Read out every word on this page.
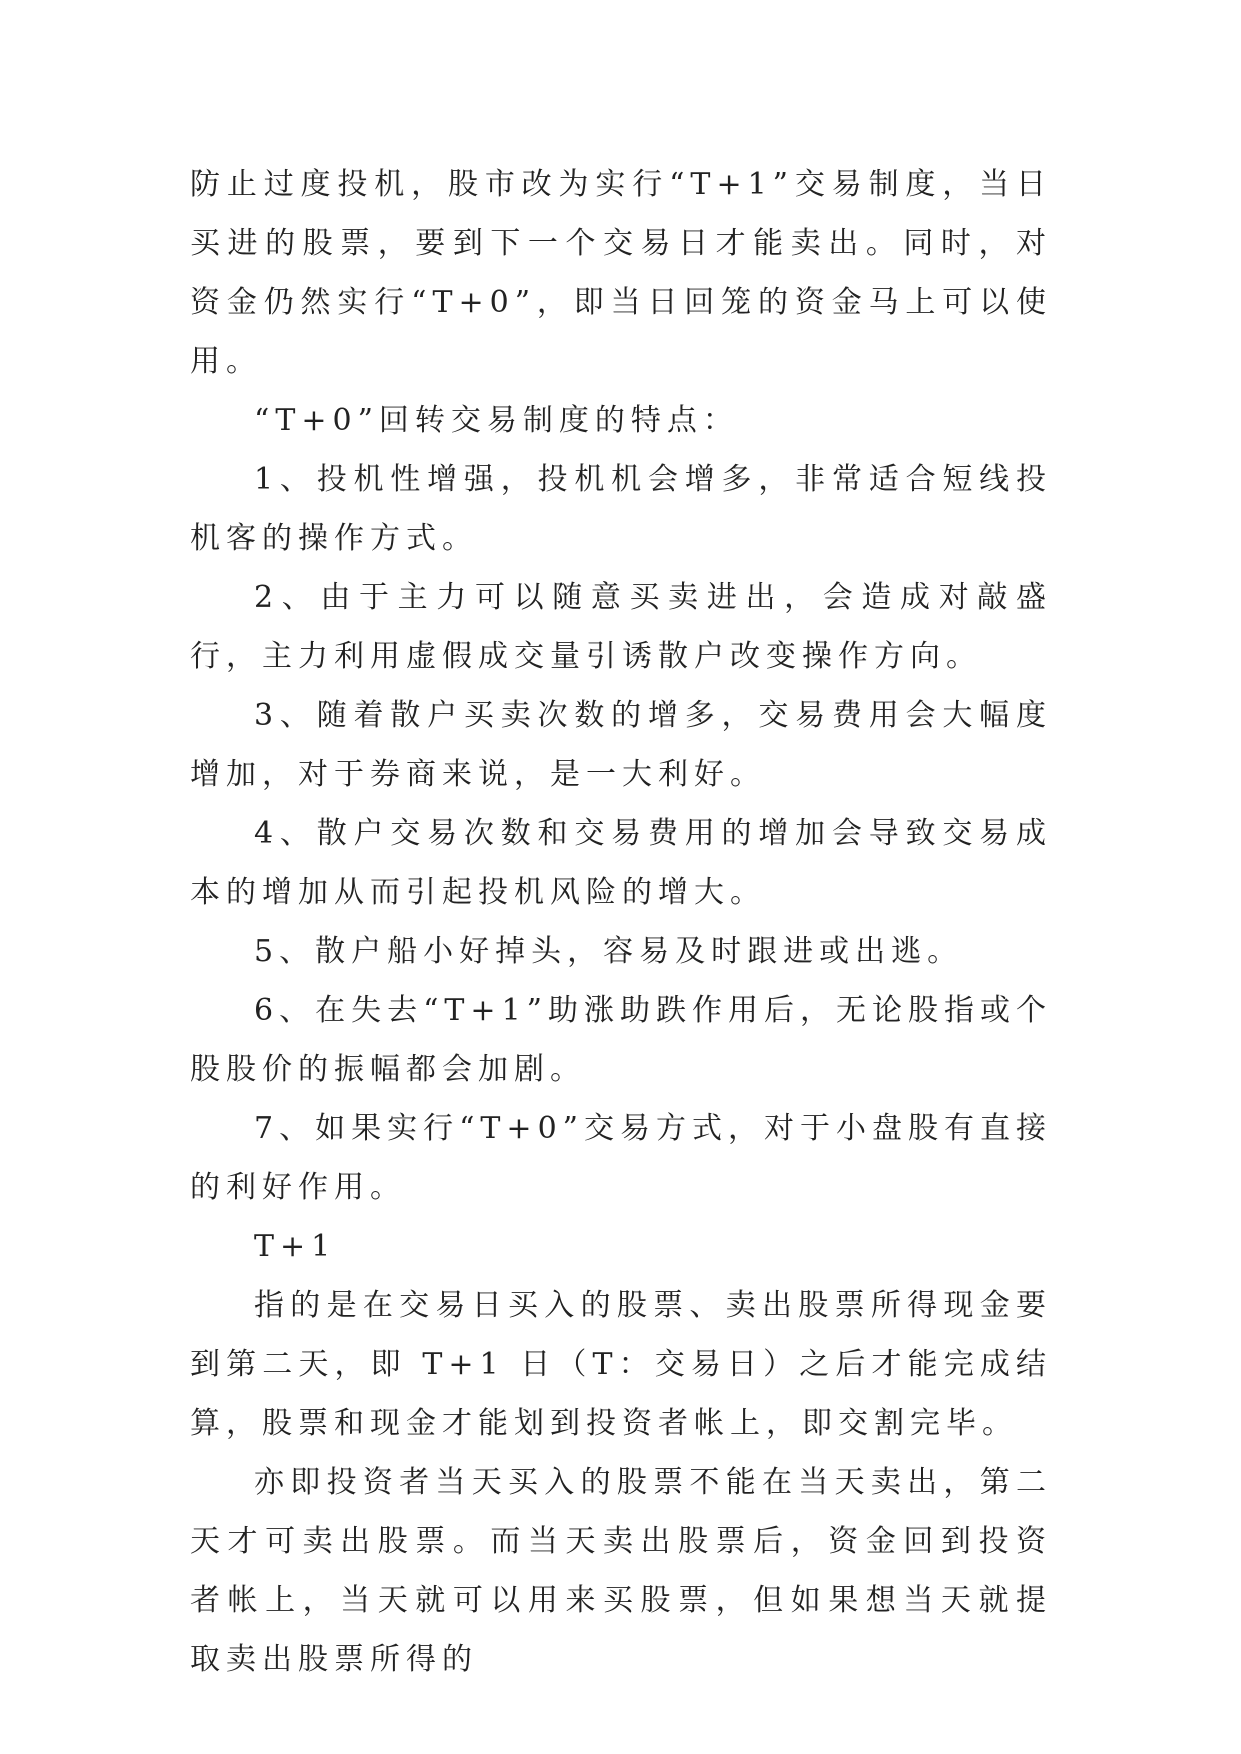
防止过度投机，股市改为实行“T+1”交易制度，当日买进的股票，要到下一个交易日才能卖出。同时，对资金仍然实行“T+0”，即当日回笼的资金马上可以使用。

“T+0”回转交易制度的特点：

1、投机性增强，投机机会增多，非常适合短线投机客的操作方式。

2、由于主力可以随意买卖进出，会造成对敲盛行，主力利用虚假成交量引诱散户改变操作方向。

3、随着散户买卖次数的增多，交易费用会大幅度增加，对于券商来说，是一大利好。

4、散户交易次数和交易费用的增加会导致交易成本的增加从而引起投机风险的增大。

5、散户船小好掉头，容易及时跟进或出逃。

6、在失去“T+1”助涨助跌作用后，无论股指或个股股价的振幅都会加剧。

7、如果实行“T+0”交易方式，对于小盘股有直接的利好作用。

T+1

指的是在交易日买入的股票、卖出股票所得现金要到第二天，即 T+1 日（T：交易日）之后才能完成结算，股票和现金才能划到投资者帐上，即交割完毕。

亦即投资者当天买入的股票不能在当天卖出，第二天才可卖出股票。而当天卖出股票后，资金回到投资者帐上，当天就可以用来买股票，但如果想当天就提取卖出股票所得的
